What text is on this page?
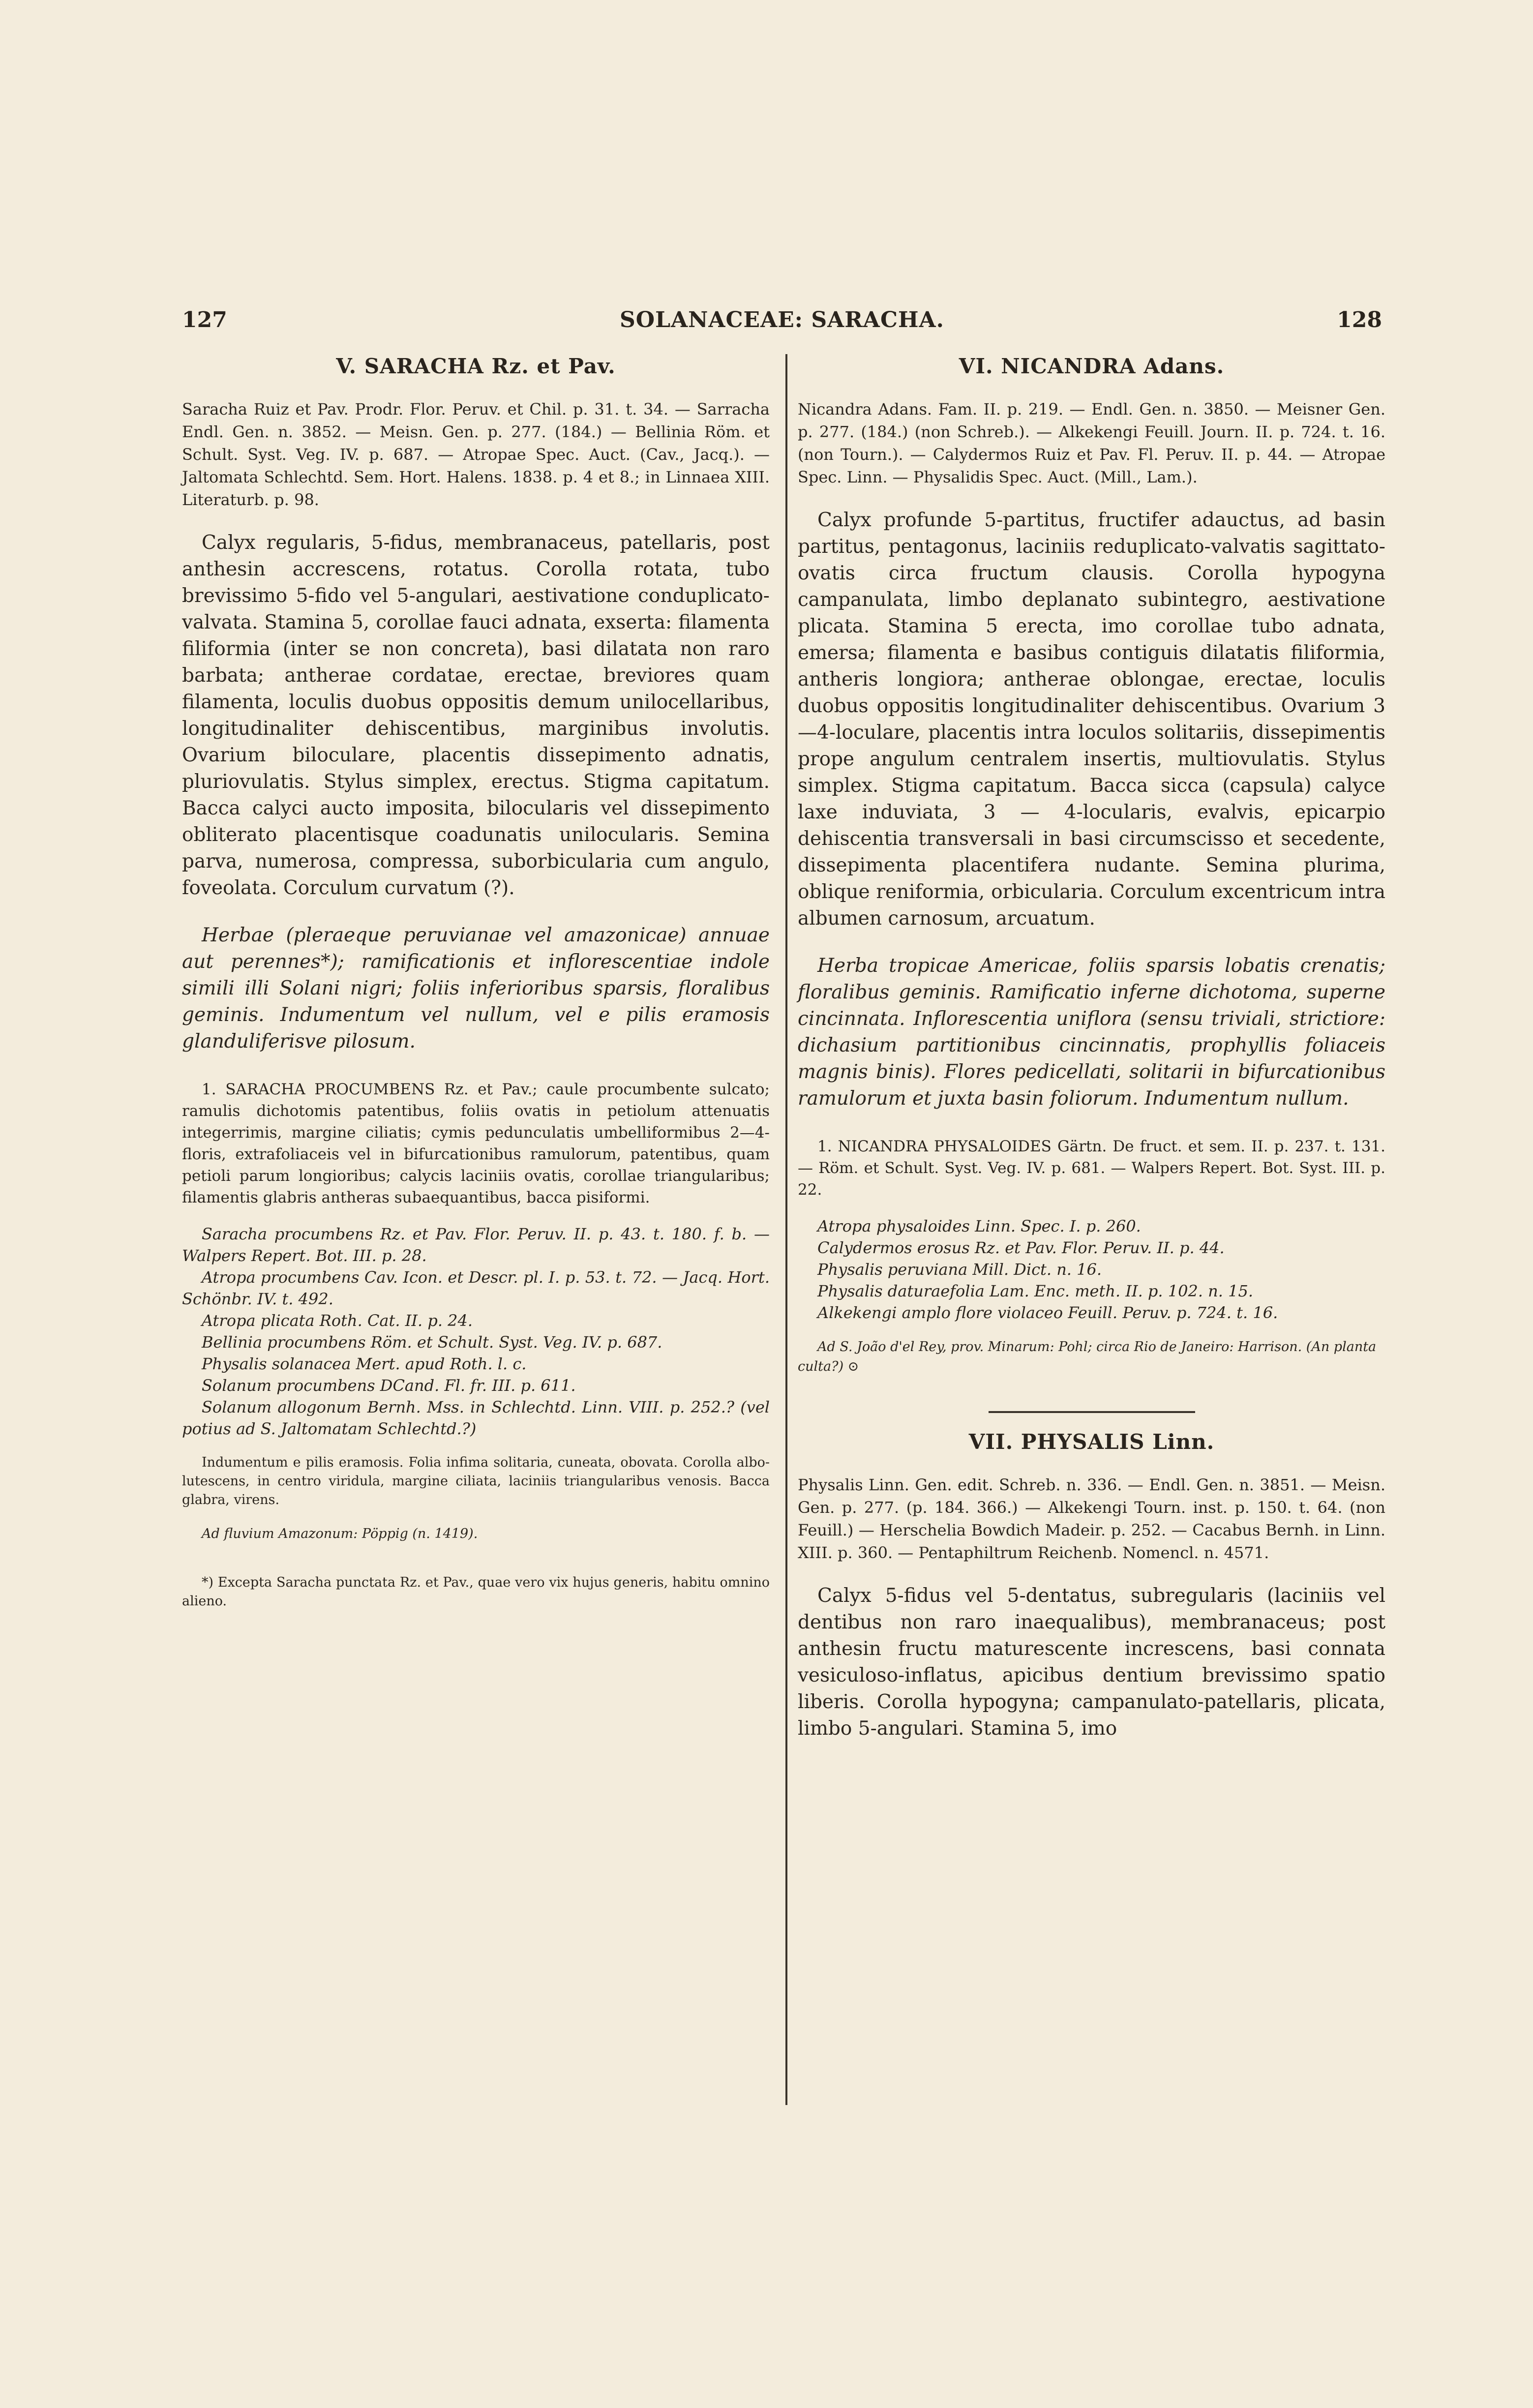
127	SOLANACEAE: SARACHA.	128
V. SARACHA Rz. et Pav.

Saracha Ruiz et Pav. Prodr. Flor. Peruv. et Chil. p. 31. t. 34. — Sarracha Endl. Gen. n. 3852. — Meisn. Gen. p. 277. (184.) — Bellinia Röm. et Schult. Syst. Veg. IV. p. 687. — Atropae Spec. Auct. (Cav., Jacq.). — Jaltomata Schlechtd. Sem. Hort. Halens. 1838. p. 4 et 8.; in Linnaea XIII. Literaturb. p. 98.

Calyx regularis, 5-fidus, membranaceus, patellaris, post anthesin accrescens, rotatus. Corolla rotata, tubo brevissimo 5-fido vel 5-angulari, aestivatione conduplicato-valvata. Stamina 5, corollae fauci adnata, exserta: filamenta filiformia (inter se non concreta), basi dilatata non raro barbata; antherae cordatae, erectae, breviores quam filamenta, loculis duobus oppositis demum unilocellaribus, longitudinaliter dehiscentibus, marginibus involutis. Ovarium biloculare, placentis dissepimento adnatis, pluriovulatis. Stylus simplex, erectus. Stigma capitatum. Bacca calyci aucto imposita, bilocularis vel dissepimento obliterato placentisque coadunatis unilocularis. Semina parva, numerosa, compressa, suborbicularia cum angulo, foveolata. Corculum curvatum (?).

Herbae (pleraeque peruvianae vel amazonicae) annuae aut perennes*); ramificationis et inflorescentiae indole simili illi Solani nigri; foliis inferioribus sparsis, floralibus geminis. Indumentum vel nullum, vel e pilis eramosis glanduliferisve pilosum.

1. SARACHA PROCUMBENS Rz. et Pav.; caule procumbente sulcato; ramulis dichotomis patentibus, foliis ovatis in petiolum attenuatis integerrimis, margine ciliatis; cymis pedunculatis umbelliformibus 2—4-floris, extrafoliaceis vel in bifurcationibus ramulorum, patentibus, quam petioli parum longioribus; calycis laciniis ovatis, corollae triangularibus; filamentis glabris antheras subaequantibus, bacca pisiformi.

Saracha procumbens Rz. et Pav. Flor. Peruv. II. p. 43. t. 180. f. b. — Walpers Repert. Bot. III. p. 28.
Atropa procumbens Cav. Icon. et Descr. pl. I. p. 53. t. 72. — Jacq. Hort. Schönbr. IV. t. 492.
Atropa plicata Roth. Cat. II. p. 24.
Bellinia procumbens Röm. et Schult. Syst. Veg. IV. p. 687.
Physalis solanacea Mert. apud Roth. l. c.
Solanum procumbens DCand. Fl. fr. III. p. 611.
Solanum allogonum Bernh. Mss. in Schlechtd. Linn. VIII. p. 252.? (vel potius ad S. Jaltomatam Schlechtd.?)

Indumentum e pilis eramosis. Folia infima solitaria, cuneata, obovata. Corolla albo-lutescens, in centro viridula, margine ciliata, laciniis triangularibus venosis. Bacca glabra, virens.

Ad fluvium Amazonum: Pöppig (n. 1419).

*) Excepta Saracha punctata Rz. et Pav., quae vero vix hujus generis, habitu omnino alieno.

VI. NICANDRA Adans.

Nicandra Adans. Fam. II. p. 219. — Endl. Gen. n. 3850. — Meisner Gen. p. 277. (184.) (non Schreb.). — Alkekengi Feuill. Journ. II. p. 724. t. 16. (non Tourn.). — Calydermos Ruiz et Pav. Fl. Peruv. II. p. 44. — Atropae Spec. Linn. — Physalidis Spec. Auct. (Mill., Lam.).

Calyx profunde 5-partitus, fructifer adauctus, ad basin partitus, pentagonus, laciniis reduplicato-valvatis sagittato-ovatis circa fructum clausis. Corolla hypogyna campanulata, limbo deplanato subintegro, aestivatione plicata. Stamina 5 erecta, imo corollae tubo adnata, emersa; filamenta e basibus contiguis dilatatis filiformia, antheris longiora; antherae oblongae, erectae, loculis duobus oppositis longitudinaliter dehiscentibus. Ovarium 3—4-loculare, placentis intra loculos solitariis, dissepimentis prope angulum centralem insertis, multiovulatis. Stylus simplex. Stigma capitatum. Bacca sicca (capsula) calyce laxe induviata, 3 — 4-locularis, evalvis, epicarpio dehiscentia transversali in basi circumscisso et secedente, dissepimenta placentifera nudante. Semina plurima, oblique reniformia, orbicularia. Corculum excentricum intra albumen carnosum, arcuatum.

Herba tropicae Americae, foliis sparsis lobatis crenatis; floralibus geminis. Ramificatio inferne dichotoma, superne cincinnata. Inflorescentia uniflora (sensu triviali, strictiore: dichasium partitionibus cincinnatis, prophyllis foliaceis magnis binis). Flores pedicellati, solitarii in bifurcationibus ramulorum et juxta basin foliorum. Indumentum nullum.

1. NICANDRA PHYSALOIDES Gärtn. De fruct. et sem. II. p. 237. t. 131. — Röm. et Schult. Syst. Veg. IV. p. 681. — Walpers Repert. Bot. Syst. III. p. 22.

Atropa physaloides Linn. Spec. I. p. 260.
Calydermos erosus Rz. et Pav. Flor. Peruv. II. p. 44.
Physalis peruviana Mill. Dict. n. 16.
Physalis daturaefolia Lam. Enc. meth. II. p. 102. n. 15.
Alkekengi amplo flore violaceo Feuill. Peruv. p. 724. t. 16.

Ad S. João d'el Rey, prov. Minarum: Pohl; circa Rio de Janeiro: Harrison. (An planta culta?) ⊙

VII. PHYSALIS Linn.

Physalis Linn. Gen. edit. Schreb. n. 336. — Endl. Gen. n. 3851. — Meisn. Gen. p. 277. (p. 184. 366.) — Alkekengi Tourn. inst. p. 150. t. 64. (non Feuill.) — Herschelia Bowdich Madeir. p. 252. — Cacabus Bernh. in Linn. XIII. p. 360. — Pentaphiltrum Reichenb. Nomencl. n. 4571.

Calyx 5-fidus vel 5-dentatus, subregularis (laciniis vel dentibus non raro inaequalibus), membranaceus; post anthesin fructu maturescente increscens, basi connata vesiculoso-inflatus, apicibus dentium brevissimo spatio liberis. Corolla hypogyna; campanulato-patellaris, plicata, limbo 5-angulari. Stamina 5, imo
